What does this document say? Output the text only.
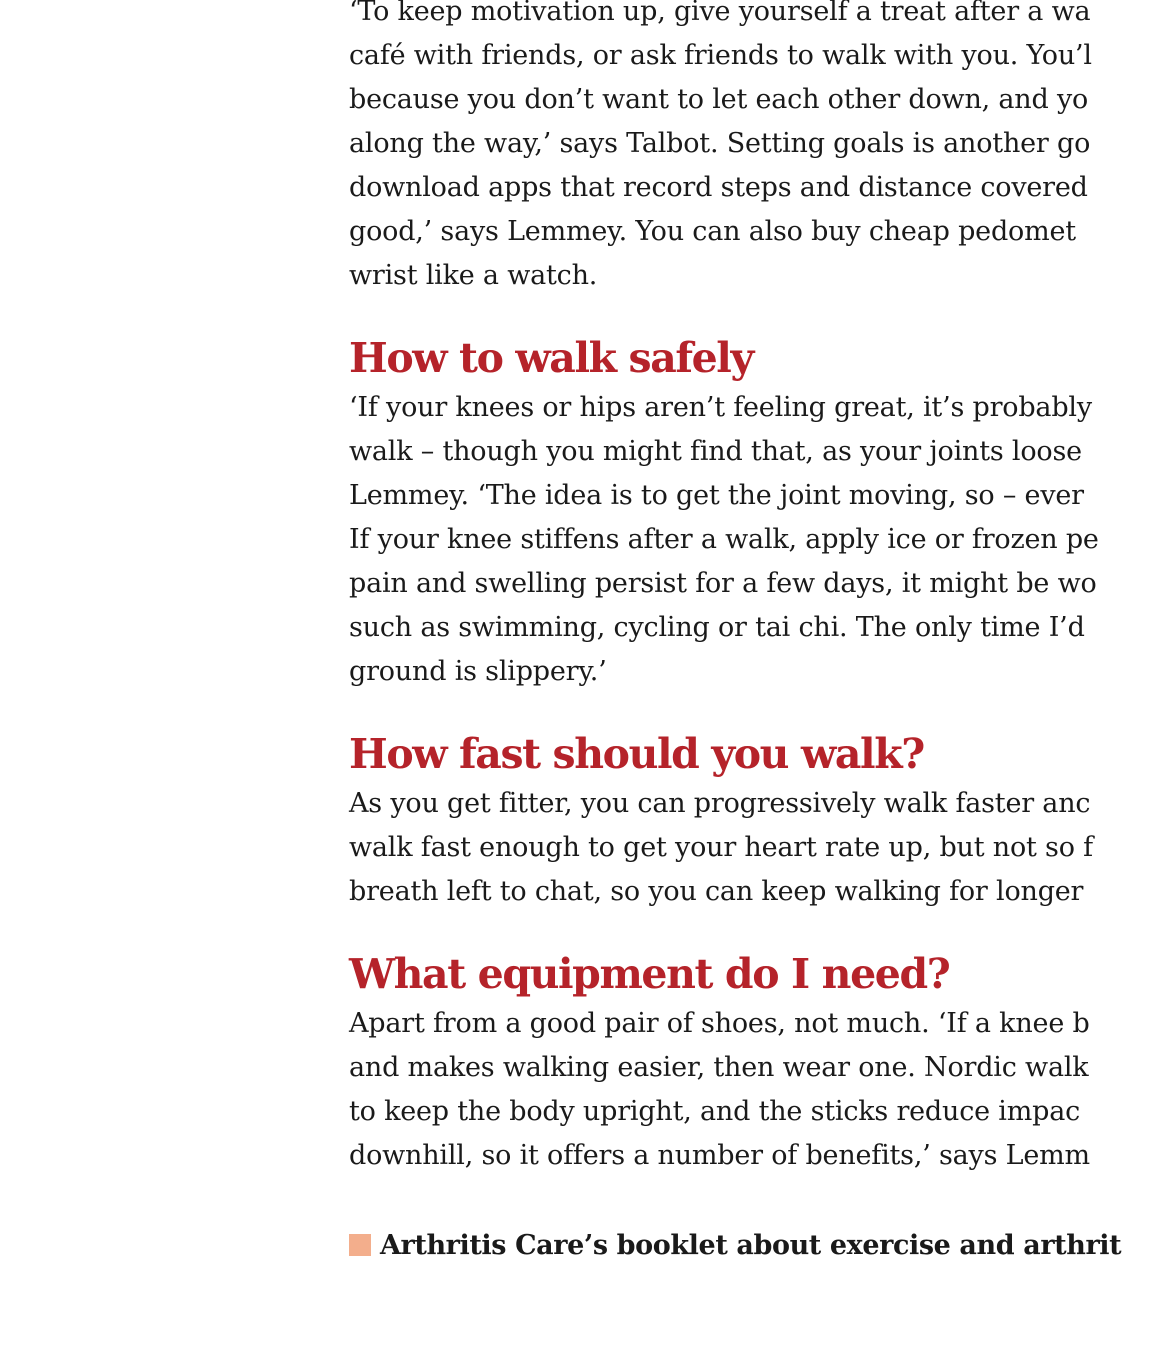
‘To keep motivation up, give yourself a treat after a wa
café with friends, or ask friends to walk with you. You’l
because you don’t want to let each other down, and yo
along the way,’ says Talbot. Setting goals is another go
download apps that record steps and distance covered
good,’ says Lemmey. You can also buy cheap pedomet
wrist like a watch.
How to walk safely
‘If your knees or hips aren’t feeling great, it’s probably
walk – though you might find that, as your joints loose
Lemmey. ‘The idea is to get the joint moving, so – ever
If your knee stiffens after a walk, apply ice or frozen pe
pain and swelling persist for a few days, it might be wo
such as swimming, cycling or tai chi. The only time I’d
ground is slippery.’
How fast should you walk?
As you get fitter, you can progressively walk faster anc
walk fast enough to get your heart rate up, but not so f
breath left to chat, so you can keep walking for longer
What equipment do I need?
Apart from a good pair of shoes, not much. ‘If a knee b
and makes walking easier, then wear one. Nordic walk
to keep the body upright, and the sticks reduce impac
downhill, so it offers a number of benefits,’ says Lemm
Arthritis Care’s booklet about exercise and arthrit
